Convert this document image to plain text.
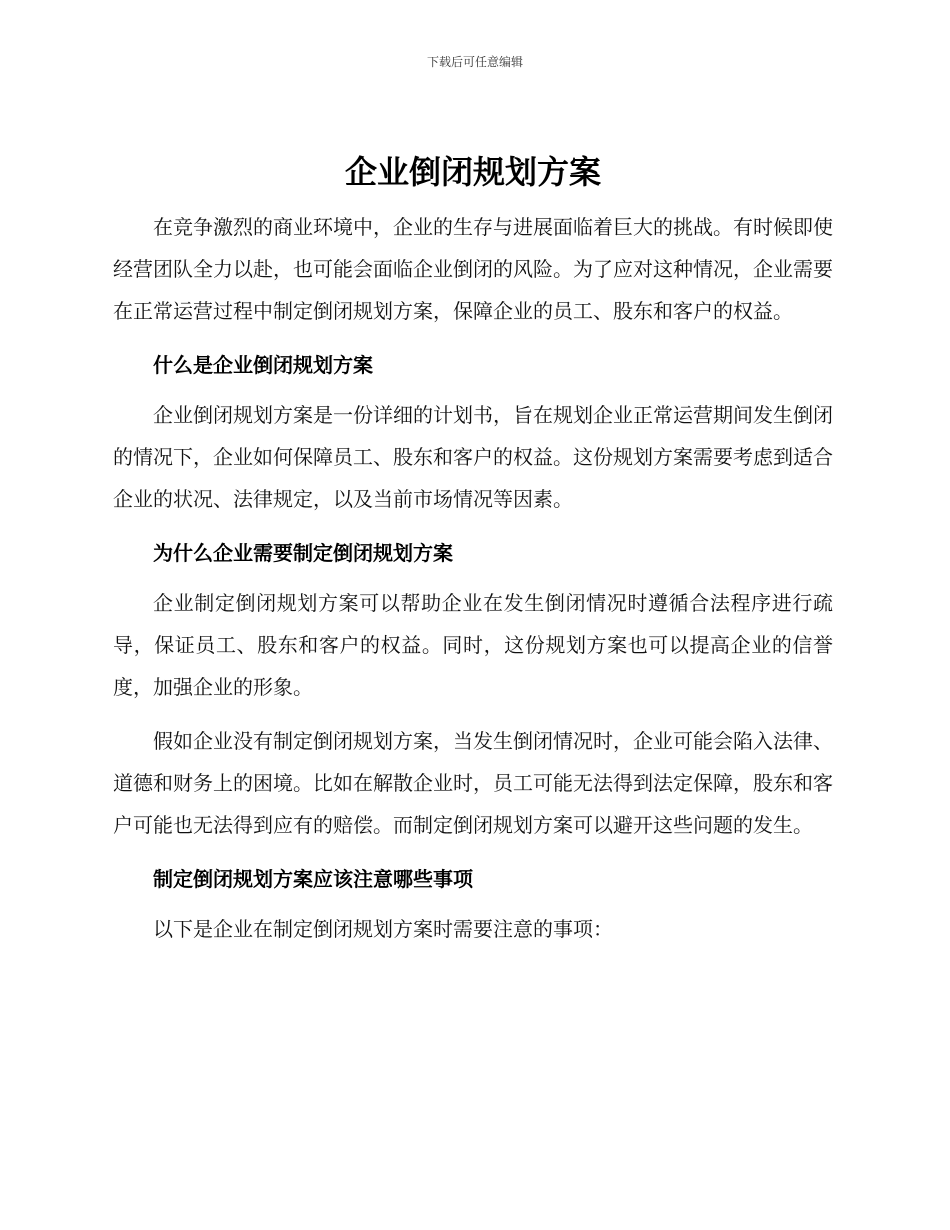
下载后可任意编辑
企业倒闭规划方案

在竞争激烈的商业环境中，企业的生存与进展面临着巨大的挑战。有时候即使经营团队全力以赴，也可能会面临企业倒闭的风险。为了应对这种情况，企业需要在正常运营过程中制定倒闭规划方案，保障企业的员工、股东和客户的权益。

什么是企业倒闭规划方案

企业倒闭规划方案是一份详细的计划书，旨在规划企业正常运营期间发生倒闭的情况下，企业如何保障员工、股东和客户的权益。这份规划方案需要考虑到适合企业的状况、法律规定，以及当前市场情况等因素。

为什么企业需要制定倒闭规划方案

企业制定倒闭规划方案可以帮助企业在发生倒闭情况时遵循合法程序进行疏导，保证员工、股东和客户的权益。同时，这份规划方案也可以提高企业的信誉度，加强企业的形象。

假如企业没有制定倒闭规划方案，当发生倒闭情况时，企业可能会陷入法律、道德和财务上的困境。比如在解散企业时，员工可能无法得到法定保障，股东和客户可能也无法得到应有的赔偿。而制定倒闭规划方案可以避开这些问题的发生。

制定倒闭规划方案应该注意哪些事项

以下是企业在制定倒闭规划方案时需要注意的事项：
